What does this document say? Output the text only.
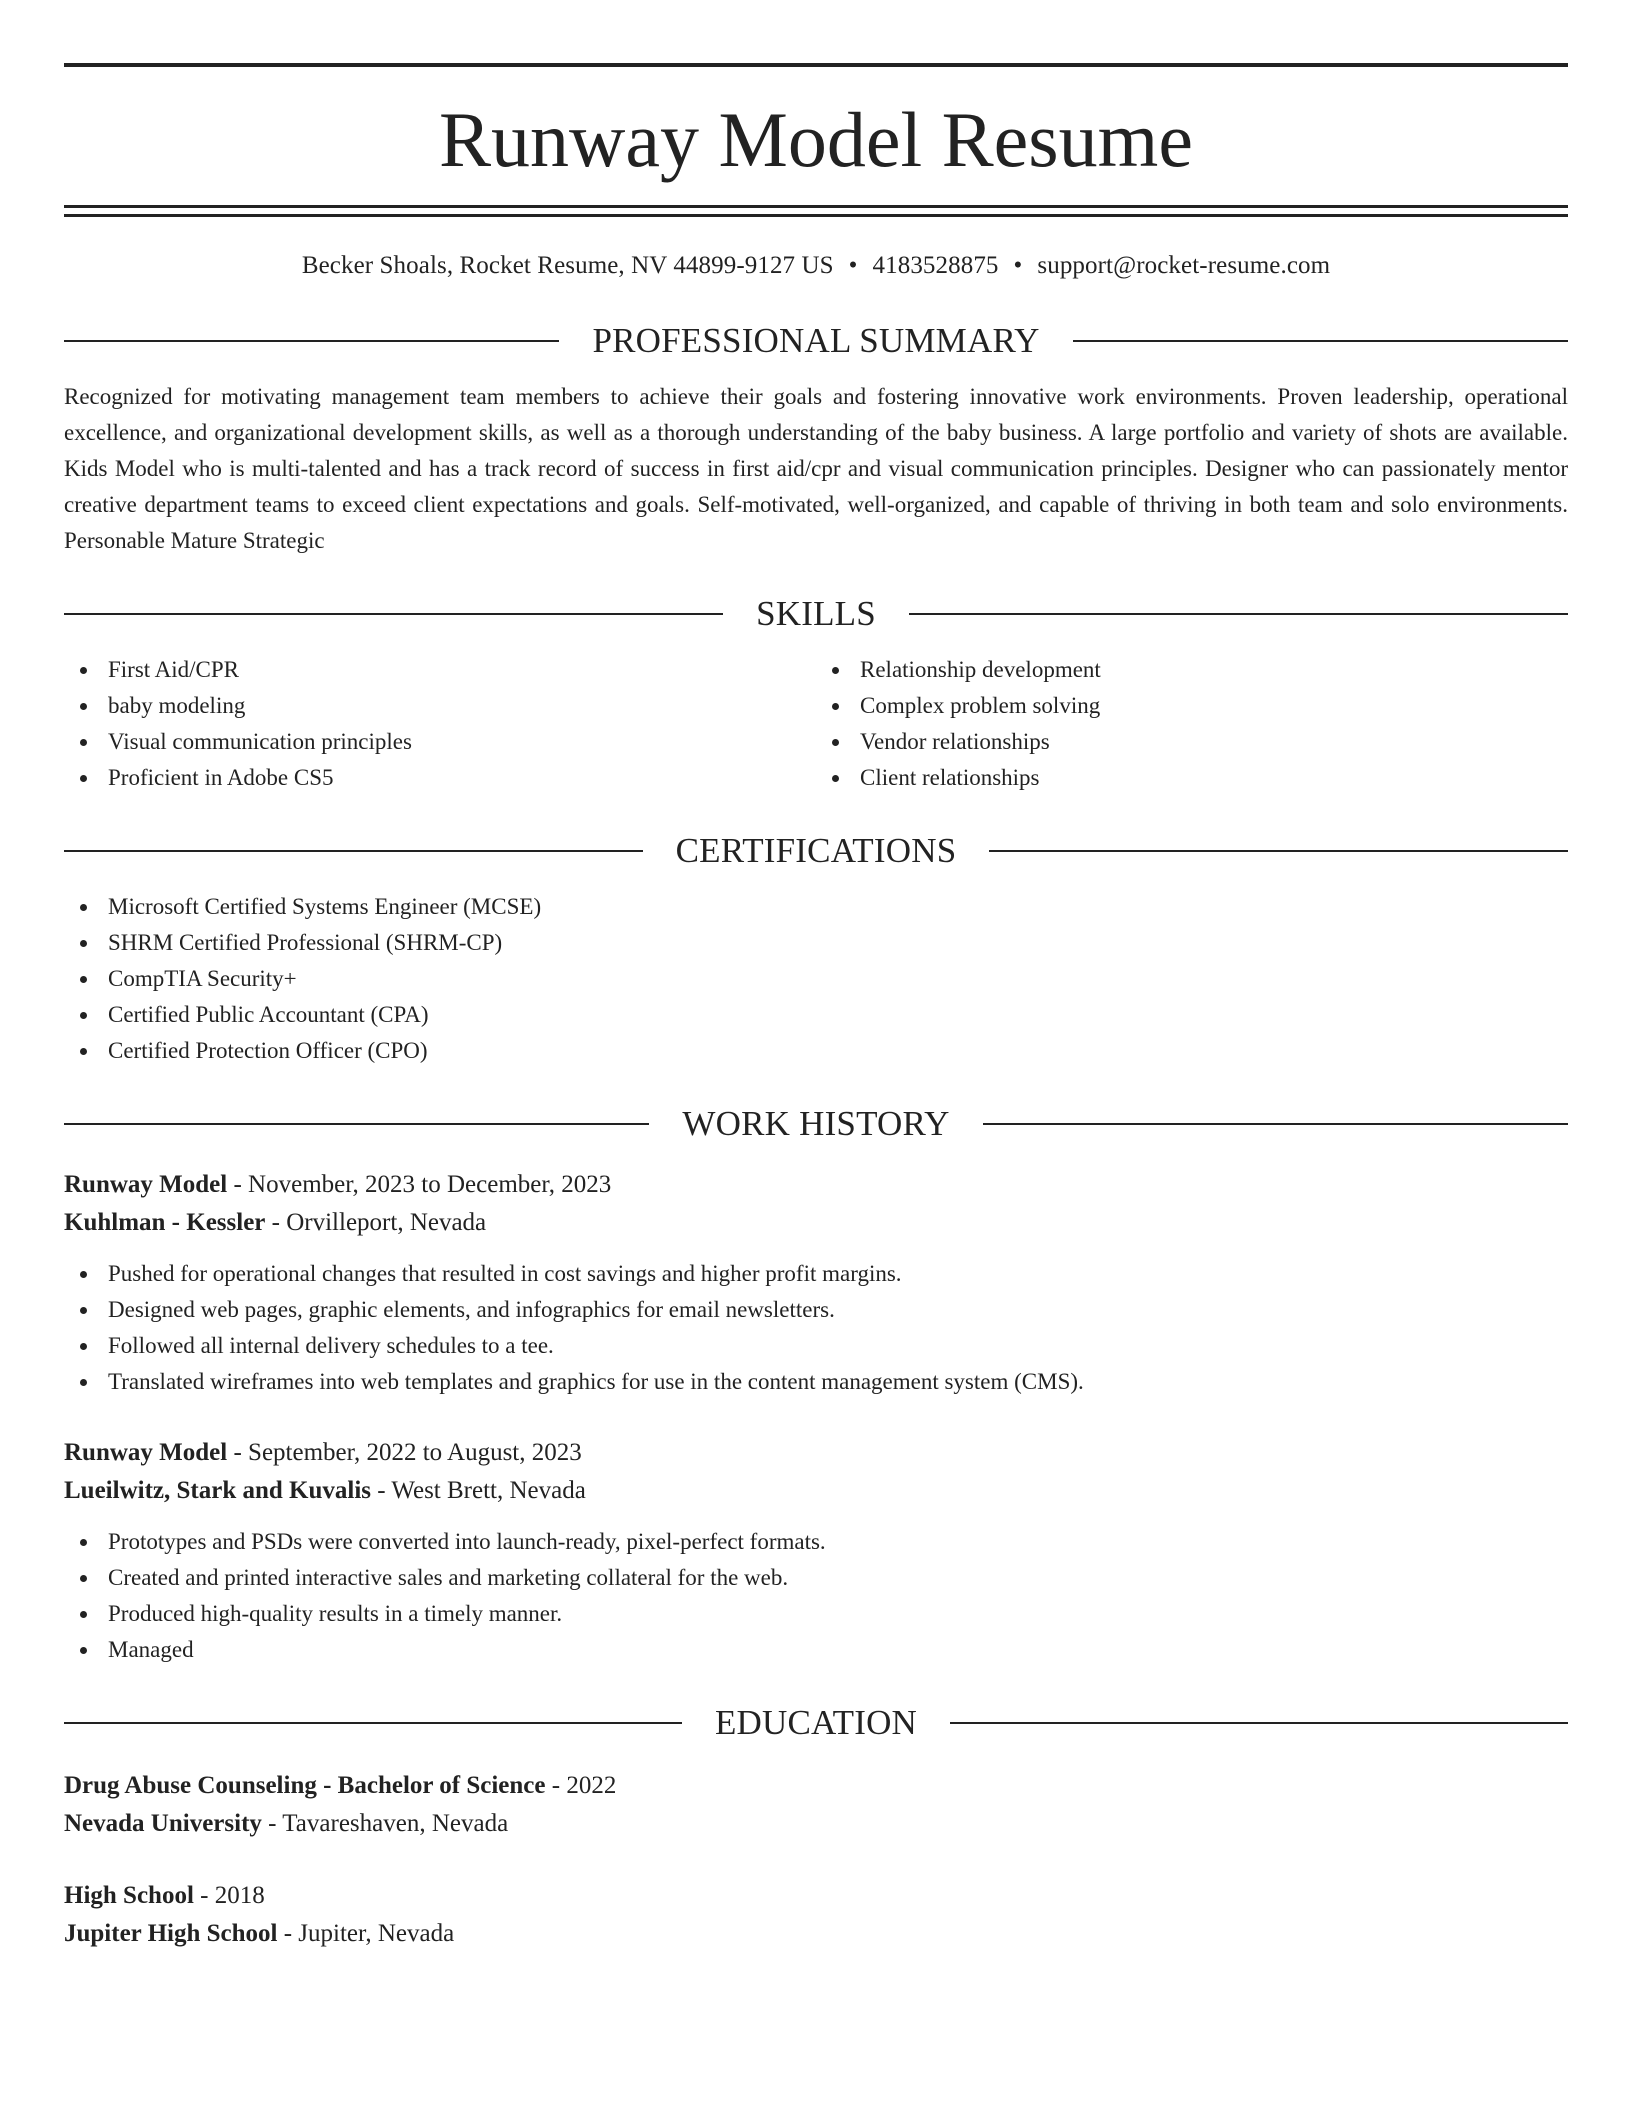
Runway Model Resume
Becker Shoals, Rocket Resume, NV 44899-9127 US • 4183528875 • support@rocket-resume.com
PROFESSIONAL SUMMARY
Recognized for motivating management team members to achieve their goals and fostering innovative work environments. Proven leadership, operational excellence, and organizational development skills, as well as a thorough understanding of the baby business. A large portfolio and variety of shots are available. Kids Model who is multi-talented and has a track record of success in first aid/cpr and visual communication principles. Designer who can passionately mentor creative department teams to exceed client expectations and goals. Self-motivated, well-organized, and capable of thriving in both team and solo environments. Personable Mature Strategic
SKILLS
First Aid/CPR
baby modeling
Visual communication principles
Proficient in Adobe CS5
Relationship development
Complex problem solving
Vendor relationships
Client relationships
CERTIFICATIONS
Microsoft Certified Systems Engineer (MCSE)
SHRM Certified Professional (SHRM-CP)
CompTIA Security+
Certified Public Accountant (CPA)
Certified Protection Officer (CPO)
WORK HISTORY
Runway Model - November, 2023 to December, 2023
Kuhlman - Kessler - Orvilleport, Nevada
Pushed for operational changes that resulted in cost savings and higher profit margins.
Designed web pages, graphic elements, and infographics for email newsletters.
Followed all internal delivery schedules to a tee.
Translated wireframes into web templates and graphics for use in the content management system (CMS).
Runway Model - September, 2022 to August, 2023
Lueilwitz, Stark and Kuvalis - West Brett, Nevada
Prototypes and PSDs were converted into launch-ready, pixel-perfect formats.
Created and printed interactive sales and marketing collateral for the web.
Produced high-quality results in a timely manner.
Managed
EDUCATION
Drug Abuse Counseling - Bachelor of Science - 2022
Nevada University - Tavareshaven, Nevada
High School - 2018
Jupiter High School - Jupiter, Nevada
